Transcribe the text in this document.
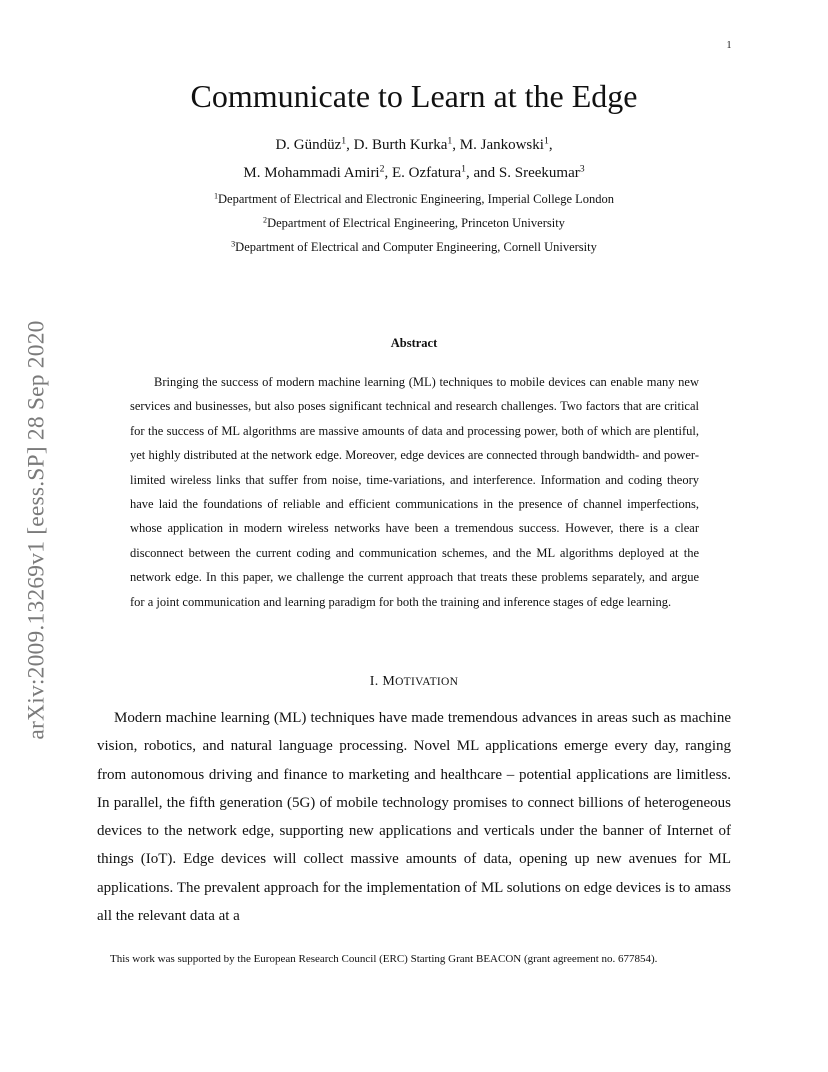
1
arXiv:2009.13269v1 [eess.SP] 28 Sep 2020
Communicate to Learn at the Edge
D. Gündüz$^1$, D. Burth Kurka$^1$, M. Jankowski$^1$,
M. Mohammadi Amiri$^2$, E. Ozfatura$^1$, and S. Sreekumar$^3$
$^1$Department of Electrical and Electronic Engineering, Imperial College London
$^2$Department of Electrical Engineering, Princeton University
$^3$Department of Electrical and Computer Engineering, Cornell University
Abstract

Bringing the success of modern machine learning (ML) techniques to mobile devices can enable many new services and businesses, but also poses significant technical and research challenges. Two factors that are critical for the success of ML algorithms are massive amounts of data and processing power, both of which are plentiful, yet highly distributed at the network edge. Moreover, edge devices are connected through bandwidth- and power-limited wireless links that suffer from noise, time-variations, and interference. Information and coding theory have laid the foundations of reliable and efficient communications in the presence of channel imperfections, whose application in modern wireless networks have been a tremendous success. However, there is a clear disconnect between the current coding and communication schemes, and the ML algorithms deployed at the network edge. In this paper, we challenge the current approach that treats these problems separately, and argue for a joint communication and learning paradigm for both the training and inference stages of edge learning.

I. MOTIVATION

Modern machine learning (ML) techniques have made tremendous advances in areas such as machine vision, robotics, and natural language processing. Novel ML applications emerge every day, ranging from autonomous driving and finance to marketing and healthcare – potential applications are limitless. In parallel, the fifth generation (5G) of mobile technology promises to connect billions of heterogeneous devices to the network edge, supporting new applications and verticals under the banner of Internet of things (IoT). Edge devices will collect massive amounts of data, opening up new avenues for ML applications. The prevalent approach for the implementation of ML solutions on edge devices is to amass all the relevant data at a

This work was supported by the European Research Council (ERC) Starting Grant BEACON (grant agreement no. 677854).
